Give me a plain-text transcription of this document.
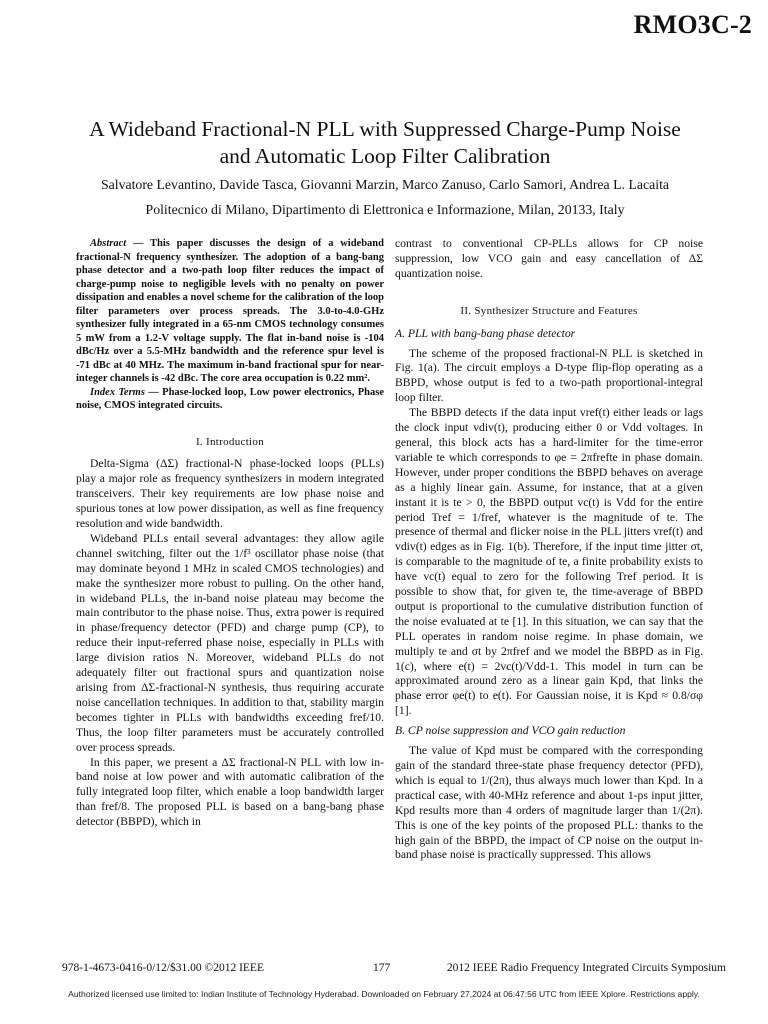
RMO3C-2
A Wideband Fractional-N PLL with Suppressed Charge-Pump Noise
and Automatic Loop Filter Calibration
Salvatore Levantino, Davide Tasca, Giovanni Marzin, Marco Zanuso, Carlo Samori, Andrea L. Lacaita
Politecnico di Milano, Dipartimento di Elettronica e Informazione, Milan, 20133, Italy

Abstract — This paper discusses the design of a wideband fractional-N frequency synthesizer. The adoption of a bang-bang phase detector and a two-path loop filter reduces the impact of charge-pump noise to negligible levels with no penalty on power dissipation and enables a novel scheme for the calibration of the loop filter parameters over process spreads. The 3.0-to-4.0-GHz synthesizer fully integrated in a 65-nm CMOS technology consumes 5 mW from a 1.2-V voltage supply. The flat in-band noise is -104 dBc/Hz over a 5.5-MHz bandwidth and the reference spur level is -71 dBc at 40 MHz. The maximum in-band fractional spur for near-integer channels is -42 dBc. The core area occupation is 0.22 mm².

Index Terms — Phase-locked loop, Low power electronics, Phase noise, CMOS integrated circuits.

I. Introduction

Delta-Sigma (ΔΣ) fractional-N phase-locked loops (PLLs) play a major role as frequency synthesizers in modern integrated transceivers. Their key requirements are low phase noise and spurious tones at low power dissipation, as well as fine frequency resolution and wide bandwidth.

Wideband PLLs entail several advantages: they allow agile channel switching, filter out the 1/f³ oscillator phase noise (that may dominate beyond 1 MHz in scaled CMOS technologies) and make the synthesizer more robust to pulling. On the other hand, in wideband PLLs, the in-band noise plateau may become the main contributor to the phase noise. Thus, extra power is required in phase/frequency detector (PFD) and charge pump (CP), to reduce their input-referred phase noise, especially in PLLs with large division ratios N. Moreover, wideband PLLs do not adequately filter out fractional spurs and quantization noise arising from ΔΣ-fractional-N synthesis, thus requiring accurate noise cancellation techniques. In addition to that, stability margin becomes tighter in PLLs with bandwidths exceeding fref/10. Thus, the loop filter parameters must be accurately controlled over process spreads.

In this paper, we present a ΔΣ fractional-N PLL with low in-band noise at low power and with automatic calibration of the fully integrated loop filter, which enable a loop bandwidth larger than fref/8. The proposed PLL is based on a bang-bang phase detector (BBPD), which in

contrast to conventional CP-PLLs allows for CP noise suppression, low VCO gain and easy cancellation of ΔΣ quantization noise.

II. Synthesizer Structure and Features
A. PLL with bang-bang phase detector

The scheme of the proposed fractional-N PLL is sketched in Fig. 1(a). The circuit employs a D-type flip-flop operating as a BBPD, whose output is fed to a two-path proportional-integral loop filter.

The BBPD detects if the data input vref(t) either leads or lags the clock input vdiv(t), producing either 0 or Vdd voltages. In general, this block acts has a hard-limiter for the time-error variable te which corresponds to φe = 2πfrefte in phase domain. However, under proper conditions the BBPD behaves on average as a highly linear gain. Assume, for instance, that at a given instant it is te > 0, the BBPD output vc(t) is Vdd for the entire period Tref = 1/fref, whatever is the magnitude of te. The presence of thermal and flicker noise in the PLL jitters vref(t) and vdiv(t) edges as in Fig. 1(b). Therefore, if the input time jitter σt, is comparable to the magnitude of te, a finite probability exists to have vc(t) equal to zero for the following Tref period. It is possible to show that, for given te, the time-average of BBPD output is proportional to the cumulative distribution function of the noise evaluated at te [1]. In this situation, we can say that the PLL operates in random noise regime. In phase domain, we multiply te and σt by 2πfref and we model the BBPD as in Fig. 1(c), where e(t) = 2vc(t)/Vdd-1. This model in turn can be approximated around zero as a linear gain Kpd, that links the phase error φe(t) to e(t). For Gaussian noise, it is Kpd ≈ 0.8/σφ [1].

B. CP noise suppression and VCO gain reduction

The value of Kpd must be compared with the corresponding gain of the standard three-state phase frequency detector (PFD), which is equal to 1/(2π), thus always much lower than Kpd. In a practical case, with 40-MHz reference and about 1-ps input jitter, Kpd results more than 4 orders of magnitude larger than 1/(2π). This is one of the key points of the proposed PLL: thanks to the high gain of the BBPD, the impact of CP noise on the output in-band phase noise is practically suppressed. This allows

978-1-4673-0416-0/12/$31.00 ©2012 IEEE	177	2012 IEEE Radio Frequency Integrated Circuits Symposium
Authorized licensed use limited to: Indian Institute of Technology Hyderabad. Downloaded on February 27,2024 at 06:47:56 UTC from IEEE Xplore. Restrictions apply.
